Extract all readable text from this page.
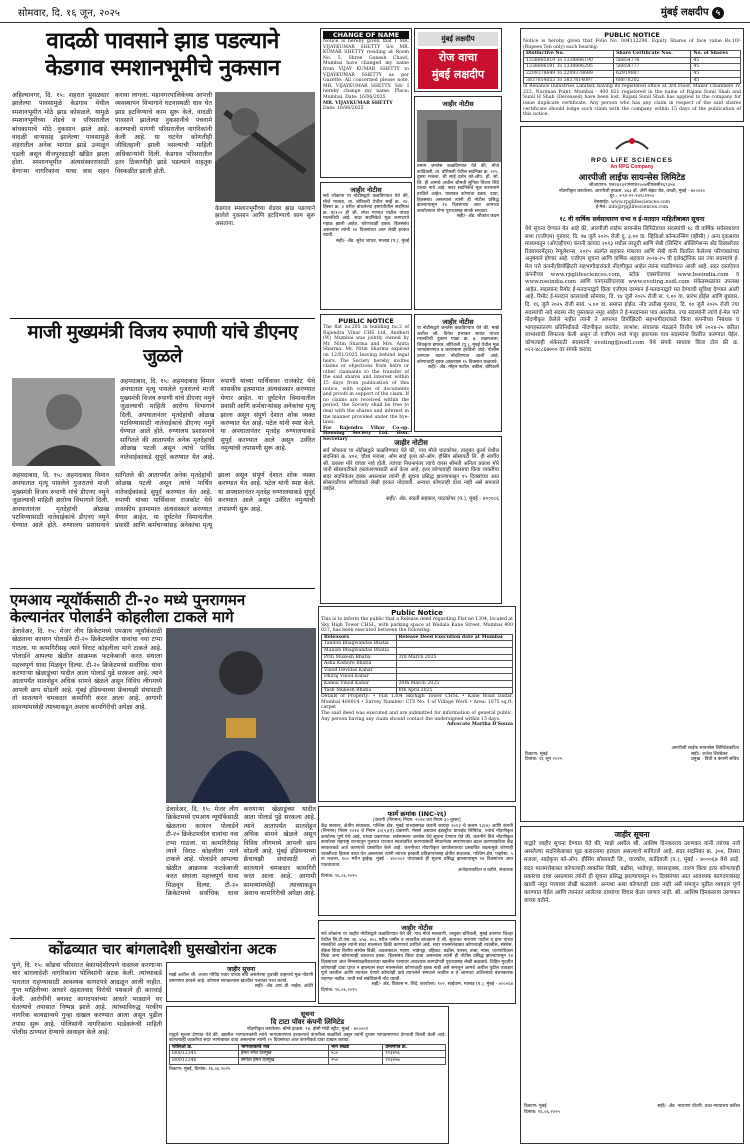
सोमवार, दि. १६ जून, २०२५	मुंबई लक्षदीप ५
वादळी पावसाने झाड पडल्याने
केडगाव स्मशानभूमीचे नुकसान
अहिल्यानगर, दि. १५: शहरात मुसळधार झालेल्या पावसामुळे केडगाव येथील स्मशानभूमीत मोठे झाड कोसळले. यामुळे स्मशानभूमीच्या शेडचे व परिसरातील बांधकामाचे मोठे नुकसान झाले आहे. वादळी वाऱ्यासह झालेल्या पावसामुळे शहरातील अनेक भागांत झाडे उन्मळून पडली असून वीजपुरवठाही खंडित झाला होता. स्मशानभूमीत अंत्यसंस्कारासाठी येणाऱ्या नागरिकांना याचा त्रास सहन करावा लागला. महानगरपालिकेच्या आपत्ती व्यवस्थापन विभागाने घटनास्थळी धाव घेत झाड हटविण्याचे काम सुरू केले. वादळी पावसाने झालेल्या नुकसानीचे पंचनामे करण्याची मागणी परिसरातील नागरिकांनी केली आहे. या घटनेत कोणतीही जीवितहानी झाली नसल्याची माहिती अधिकाऱ्यांनी दिली. केडगाव परिसरातील इतर ठिकाणीही झाडे पडल्याने वाहतूक विस्कळीत झाली होती.
केडगाव स्मशानभूमीच्या शेडवर झाड पडल्याने झालेले नुकसान आणि हटविण्याचे काम सुरू असताना.
माजी मुख्यमंत्री विजय रुपाणी यांचे डीएनए जुळले
अहमदाबाद, दि. १५: अहमदाबाद विमान अपघातात मृत्यू पावलेले गुजरातचे माजी मुख्यमंत्री विजय रुपाणी यांचे डीएनए नमुने जुळल्याची माहिती आरोग्य विभागाने दिली. अपघातानंतर मृतदेहांची ओळख पटविण्यासाठी नातेवाईकांचे डीएनए नमुने घेण्यात आले होते. रुग्णालय प्रशासनाने सांगितले की आतापर्यंत अनेक मृतदेहांची ओळख पटली असून त्यांचे पार्थिव नातेवाईकांकडे सुपूर्द करण्यात येत आहे. रुपाणी यांच्या पार्थिवावर राजकोट येथे शासकीय इतमामात अंत्यसंस्कार करण्यात येणार आहेत. या दुर्घटनेत विमानातील प्रवासी आणि कर्मचाऱ्यांसह अनेकांचा मृत्यू झाला असून संपूर्ण देशात शोक व्यक्त करण्यात येत आहे. पटेल यांनी स्पष्ट केले. या अपघातानंतर मृतदेह रुग्णालयाकडे सुपूर्द करण्यात आले असून उर्वरित नमुन्यांची तपासणी सुरू आहे.
अहमदाबाद, दि. १५: अहमदाबाद विमान अपघातात मृत्यू पावलेले गुजरातचे माजी मुख्यमंत्री विजय रुपाणी यांचे डीएनए नमुने जुळल्याची माहिती आरोग्य विभागाने दिली. अपघातानंतर मृतदेहांची ओळख पटविण्यासाठी नातेवाईकांचे डीएनए नमुने घेण्यात आले होते. रुग्णालय प्रशासनाने सांगितले की आतापर्यंत अनेक मृतदेहांची ओळख पटली असून त्यांचे पार्थिव नातेवाईकांकडे सुपूर्द करण्यात येत आहे. रुपाणी यांच्या पार्थिवावर राजकोट येथे शासकीय इतमामात अंत्यसंस्कार करण्यात येणार आहेत. या दुर्घटनेत विमानातील प्रवासी आणि कर्मचाऱ्यांसह अनेकांचा मृत्यू झाला असून संपूर्ण देशात शोक व्यक्त करण्यात येत आहे. पटेल यांनी स्पष्ट केले. या अपघातानंतर मृतदेह रुग्णालयाकडे सुपूर्द करण्यात आले असून उर्वरित नमुन्यांची तपासणी सुरू आहे.
एमआय न्यूयॉर्कसाठी टी-२० मध्ये पुनरागमन
केल्यानंतर पोलार्डने कोहलीला टाकले मागे
डेलावेअर, दि. १५: मेजर लीग क्रिकेटमध्ये एमआय न्यूयॉर्कसाठी खेळताना कायरन पोलार्डने टी-२० क्रिकेटमधील धावांचा नवा टप्पा गाठला. या कामगिरीसह त्याने विराट कोहलीला मागे टाकले आहे. पोलार्डने आपल्या खेळीत आक्रमक फटकेबाजी करत संघाला महत्त्वपूर्ण धावा मिळवून दिल्या. टी-२० क्रिकेटमध्ये सर्वाधिक धावा करणाऱ्या खेळाडूंच्या यादीत आता पोलार्ड पुढे सरकला आहे. त्याने आतापर्यंत सातशेहून अधिक सामने खेळले असून विविध लीगमध्ये आपली छाप सोडली आहे. मुंबई इंडियन्सच्या फ्रँचायझी संघांसाठी तो सातत्याने चमकदार कामगिरी करत आला आहे. आगामी सामन्यांमध्येही त्याच्याकडून अशाच कामगिरीची अपेक्षा आहे.
डेलावेअर, दि. १५: मेजर लीग क्रिकेटमध्ये एमआय न्यूयॉर्कसाठी खेळताना कायरन पोलार्डने टी-२० क्रिकेटमधील धावांचा नवा टप्पा गाठला. या कामगिरीसह त्याने विराट कोहलीला मागे टाकले आहे. पोलार्डने आपल्या खेळीत आक्रमक फटकेबाजी करत संघाला महत्त्वपूर्ण धावा मिळवून दिल्या. टी-२० क्रिकेटमध्ये सर्वाधिक धावा करणाऱ्या खेळाडूंच्या यादीत आता पोलार्ड पुढे सरकला आहे. त्याने आतापर्यंत सातशेहून अधिक सामने खेळले असून विविध लीगमध्ये आपली छाप सोडली आहे. मुंबई इंडियन्सच्या फ्रँचायझी संघांसाठी तो सातत्याने चमकदार कामगिरी करत आला आहे. आगामी सामन्यांमध्येही त्याच्याकडून अशाच कामगिरीची अपेक्षा आहे.
कोंढव्यात चार बांगलादेशी घुसखोरांना अटक
पुणे, दि. १५: कोंढवा परिसरात बेकायदेशीरपणे वास्तव्य करणाऱ्या चार बांगलादेशी नागरिकांना पोलिसांनी अटक केली. त्यांच्याकडे भारतात राहण्यासाठी आवश्यक कागदपत्रे आढळून आली नाहीत. गुप्त माहितीच्या आधारे दहशतवाद विरोधी पथकाने ही कारवाई केली. आरोपींनी बनावट कागदपत्रांच्या आधारे भाड्याने घर घेतल्याचे तपासात निष्पन्न झाले आहे. त्यांच्याविरुद्ध परकीय नागरिक कायद्यान्वये गुन्हा दाखल करण्यात आला असून पुढील तपास सुरू आहे. पोलिसांनी नागरिकांना भाडेकरूंची माहिती पोलीस ठाण्यात देण्याचे आवाहन केले आहे.
जाहीर सूचना
माझे अशील श्री. अजय गोविंद पवार यांच्या नावे असलेल्या दुचाकी वाहनाचे मूळ नोंदणी प्रमाणपत्र हरवले आहे. कोणास सापडल्यास खालील पत्त्यावर परत करावे.
सही/- ॲड. आर. डी. नाईक, अंधेरी
सूचना
दि टाटा पॉवर कंपनी लिमिटेड
नोंदणीकृत कार्यालय: बॉम्बे हाऊस, २४, होमी मोदी स्ट्रीट, मुंबई - ४००००१
याद्वारे सूचना देण्यात येते की, खालील भागधारकांनी त्यांचे भागप्रमाणपत्र हरवल्याचे कंपनीला कळविले असून त्यांनी दुय्यम भागप्रमाणपत्र देण्याची विनंती केली आहे. कोणत्याही व्यक्तीचा सदर भागांबाबत दावा असल्यास त्यांनी १५ दिवसांच्या आत कंपनीकडे दावा दाखल करावा.
फोलिओ क्र.	भागधारकाचे नाव	भाग संख्या	प्रमाणपत्र क्र.
H0012345	हेमंत रमेश देशमुख	५००	१२३४५६
H0012346	संगीता हेमंत देशमुख	२५०	१२३४५७
ठिकाण: मुंबई, दिनांक: १६.०६.२०२५
CHANGE OF NAME
Notice is hereby given that I MR. VIJAYKUMAR SHETTY S/o MR. KUMAR SHETTY residing at Room No. 5, Shree Ganesh Chawl, Mumbai have changed my name from VIJAY KUMAR SHETTY to VIJAYKUMAR SHETTY as per Gazette. All concerned please note. MR. VIJAYKUMAR SHETTY. Sd/- I hereby change my name. Place: Mumbai. Date: 16/06/2025
MR. VIJAYKUMAR SHETTY
Date: 16/06/2025
मुंबई लक्षदीप
रोज वाचा
मुंबई लक्षदीप
जाहीर नोटीस
सर्व लोकांना या नोटीसद्वारे कळविण्यात येते की, मौजे मालाड, ता. बोरिवली येथील सर्व्हे क्र. २४, हिस्सा क्र. ३ वरील बांधलेल्या इमारतीतील सदनिका क्र. ब/१०२ ही श्री. रमेश गणपत पाटील यांच्या मालकीची आहे. सदर सदनिकेचे मूळ कागदपत्रे गहाळ झाली आहेत. कोणाचाही हक्क, हितसंबंध असल्यास त्यांनी १४ दिवसांच्या आत लेखी हरकत घ्यावी.
सही/- ॲड. सुरेश जाधव, मालाड (प.), मुंबई
जाहीर नोटीस
तमाम जनतेस कळविण्यात येते की, मौजे कांदिवली, ता. बोरिवली येथील सदनिका क्र. २०५, दुसरा मजला, श्री साई दर्शन को-ऑप. हौ. सो. लि. ही आमचे अशील श्रीमती सुनिता विजय शिंदे यांच्या नावे आहे. सदर सदनिकेचे मूळ करारनामे हरविले आहेत. याबाबत कोणाचा हक्क, दावा, हितसंबंध असल्यास त्यांनी ही नोटीस प्रसिद्ध झाल्यापासून १४ दिवसांच्या आत आमच्या कार्यालयात योग्य पुराव्यासह संपर्क साधावा.
सही/- ॲड. श्रीकांत कदम
PUBLIC NOTICE
The flat no.205 in building no.2 of Rajendra Vihar CHS Ltd, Andheri (W) Mumbai was jointly owned by Mr. Nitin Sharma and Mrs. Anita Sharma. Mr. Nitin Sharma expired on 12/01/2025 leaving behind legal heirs. The Society hereby invites claims or objections from heirs or other claimants to the transfer of the said shares and interest within 15 days from publication of this notice, with copies of documents and proofs in support of the claim. If no claims are received within the period, the Society shall be free to deal with the shares and interest in the manner provided under the bye-laws.
For Rajendra Vihar Co-op. Housing Society Ltd. Hon. Secretary
जाहीर नोटीस
या नोटीसद्वारे जनतेस कळविण्यात येते की, माझे अशील श्री. दिनेश प्रभाकर सावंत यांच्या मालकीची दुकान गाळा क्र. ७, तळमजला, शिवकृपा इमारत, बोरिवली (पू.), मुंबई येथील मूळ भागप्रमाणपत्र व करारनामा हरविला आहे. पोलीस ठाण्यात तक्रार नोंदविण्यात आली आहे. कोणाचाही हक्क असल्यास १५ दिवसांत कळवावे.
सही/- ॲड. मोहन पाटील, वकील, बोरिवली
जाहीर नोटीस
सर्व लोकांना या नोटीसद्वारे कळविण्यात येते की, गाव मौजे घाटकोपर, तालुका कुर्ला येथील सदनिका क्र. ४०२, चौथा मजला, ओम साई कृपा को-ऑप. हौसिंग सोसायटी लि. ही स्वर्गीय श्री. प्रकाश मोरे यांच्या नावे होती. त्यांच्या निधनानंतर त्यांचे वारस श्रीमती अनिता प्रकाश मोरे यांनी सोसायटीकडे हस्तांतरणासाठी अर्ज केला आहे. इतर कोणत्याही वारसाचा किंवा व्यक्तीचा सदर सदनिकेवर हक्क असल्यास त्यांनी ही सूचना प्रसिद्ध झाल्यापासून १५ दिवसांच्या आत सोसायटीच्या सचिवांकडे लेखी हरकत नोंदवावी. अन्यथा कोणताही दावा नाही असे समजले जाईल.
सही/- ॲड. स्वाती सहकार, घाटकोपर (प.), मुंबई - ४०००८६
Public Notice
This is to inform the public that a Release deed regarding Flat no 1304, located at Sky High Tower CHSL, with parking space at Wadala Kane Street, Mumbai 400 037, has been executed between the following:
Releasors	Release Deed Execution date at Mumbai
Tandon Bhagwandas Bhatia	
Manish Bhagwandas Bhatia	
Priti Mukesh Bhatia	3rd March 2025
Asha Kishore Bhatia	
Vinod Devidas Kahar	
Dhiraj Vinod Kahar	
Kamal Vinod Kahar	30th March 2025
Yash Mukesh Bhatia	6th April 2025
Details of Property: • Flat 1304 Skyhigh Tower CHSL • Kane Road Dadar, Mumbai 400014 • Survey Number: CTS No. 1 of Village Worli • Area: 1075 sq.ft. carpet
The said deed was executed and are submitted for information of general public. Any person having any claim should contact the undersigned within 15 days.
Advocate Martha D'Souza
फार्म क्रमांक (INC-२६)
[कंपनी (निगमन) नियम, २०१४ च्या नियम ३० नुसार]
केंद्र सरकार, क्षेत्रीय संचालक, पश्चिम क्षेत्र, मुंबई यांच्यासमक्ष कंपनी कायदा २०१३ चे कलम १३(४) आणि कंपनी (निगमन) नियम २०१४ चे नियम ३०(५)(ए) प्रकरणी. मेसर्स अग्रवाल इंडस्ट्रीज प्रायव्हेट लिमिटेड, ज्यांचे नोंदणीकृत कार्यालय पुणे येथे आहे, यांच्या प्रकरणात. सर्वसामान्य जनतेस येथे सूचना देण्यात येते की, कंपनीने तिचे नोंदणीकृत कार्यालय महाराष्ट्र राज्यातून गुजरात राज्यात स्थलांतरित करण्यासाठी संघटनेच्या स्मरणपत्रात बदल करण्याकरिता केंद्र सरकारकडे अर्ज करण्याचे प्रस्तावित केले आहे. कंपनीच्या नोंदणीकृत कार्यालयाच्या प्रस्तावित बदलामुळे कोणाही व्यक्तीच्या हितास बाधा येत असल्यास त्यांनी त्यांच्या हरकती प्रतिज्ञापत्रासह क्षेत्रीय संचालक, पश्चिम क्षेत्र, एव्हरेस्ट, ५ वा मजला, १०० मरीन ड्राईव्ह, मुंबई - ४००००२ यांच्याकडे ही सूचना प्रसिद्ध झाल्यापासून १४ दिवसांच्या आत पाठवाव्यात.
अर्जदाराकरिता व वतीने, संचालक
दिनांक: १६.०६.२०२५
जाहीर नोटीस
सर्व लोकांना या जाहीर नोटीसद्वारे कळविण्यात येते की, गाव मौजे मालवणी, तालुका बोरिवली, मुंबई उपनगर जिल्हा येथील सि.टी.एस. क्र. ४५७, ४५८ वरील जमीन व त्यावरील बांधकाम हे श्री. सुधाकर नारायण पाटील व इतर यांच्या मालकीचे असून त्यांनी सदर मालमत्ता विक्री करण्याचे ठरविले आहे. सदर मालमत्तेबाबत कोणत्याही व्यक्तीस, संस्थेस, बँकेस किंवा वित्तीय संस्थेस विक्री, अदलाबदल, गहाण, भाडेपट्टा, वहिवाट, बक्षीस, वारसा, ताबा, न्यास, धारणाधिकार किंवा अन्य कोणत्याही प्रकारचा हक्क, हितसंबंध किंवा दावा असल्यास त्यांनी ही नोटीस प्रसिद्ध झाल्यापासून १४ दिवसांच्या आत निम्नस्वाक्षरीकारांच्या खालील पत्त्यावर आवश्यक कागदोपत्री पुराव्यासह लेखी कळवावे. विहित मुदतीत कोणताही दावा प्राप्त न झाल्यास सदर मालमत्तेवर कोणाचाही हक्क नाही असे समजून आमचे अशील पुढील व्यवहार पूर्ण करतील आणि त्यानंतर येणारे कोणतेही दावे त्यागलेले समजले जातील व ते आमच्या अशिलांवर बंधनकारक राहणार नाहीत. याची सर्व संबंधितांनी नोंद घ्यावी.
सही/- ॲड. विकास म. शिंदे, कार्यालय: १०२, साईधाम, मालाड (प.), मुंबई - ४०००६४
दिनांक: १६.०६.२०२५
PUBLIC NOTICE
Notice is hereby given that Folio No. 004112298, Equity Shares of face value Rs.10/- (Rupees Ten only) each bearing:
Distinctive No.	Share Certificate Nos.	No. of Shares
1338805819 To 1338806190	56854776	45
1338806191 To 1338806295	56854777	45
2209378649 To 2209378689	62919887	45
3837814053 To 3837814097	68878202	45
of Reliance Industries Limited, having its registered office at 3rd Floor, Maker Chambers IV, 222, Nariman Point, Mumbai - 400 021 registered in the name of Rajani Sunil Shah and Sunil H Shah (Deceased) have been lost. Rajani Sunil Shah has applied to the company for issue duplicate certificate. Any person who has any claim in respect of the said shares certificate should lodge such claim with the company within 15 days of the publication of this notice.
RPG LIFE SCIENCES
An RPG Company
आरपीजी लाईफ सायन्सेस लिमिटेड
सीआयएन: एल२४२३२एमएच२००७पीएलसी१६९३५४
नोंदणीकृत कार्यालय: आरपीजी हाऊस, ४६३ डॉ. ॲनी बेझंट रोड, वरळी, मुंबई - ४०००३०
दूर.: +९१-२२-२४९८११५०
वेबसाईट: www.rpglifesciences.com
ई-मेल: info@rpglifesciences.com
१८ वी वार्षिक सर्वसाधारण सभा व ई-मतदान माहितीबाबत सूचना
येथे सूचना देण्यात येत आहे की, आरपीजी लाईफ सायन्सेस लिमिटेडच्या सदस्यांची १८ वी वार्षिक सर्वसाधारण सभा (एजीएम) गुरुवार, दि. १७ जुलै २०२५ रोजी दु. ३.०० वा. व्हिडिओ कॉन्फरन्सिंग (व्हीसी) / अन्य दृकश्राव्य माध्यमातून (ओएव्हीएम) कंपनी कायदा २०१३ मधील तरतुदी आणि सेबी (लिस्टिंग ऑब्लिगेशन्स अँड डिस्क्लोजर रिक्वायरमेंट्स) रेग्युलेशन्स, २०१५ अंतर्गत सहकार मंत्रालय आणि सेबी यांनी वितरित केलेल्या परिपत्रकांच्या अनुषंगाने होणार आहे. एजीएम सूचना आणि वार्षिक अहवाल २०२४-२५ ची इलेक्ट्रॉनिक प्रत ज्या सदस्यांचे ई-मेल पत्ते कंपनी/डिपॉझिटरी सहभागीदारांकडे नोंदणीकृत आहेत त्यांना पाठविण्यात आली आहे. सदर दस्तऐवज कंपनीच्या www.rpglifesciences.com, स्टॉक एक्सचेंजच्या www.bseindia.com व www.nseindia.com आणि एनएसडीएलच्या www.evoting.nsdl.com संकेतस्थळावर उपलब्ध आहेत. सदस्यांना रिमोट ई-मतदानाद्वारे किंवा एजीएम दरम्यान ई-मतदानाद्वारे मत देण्याची सुविधा देण्यात आली आहे. रिमोट ई-मतदान कालावधी सोमवार, दि. १४ जुलै २०२५ रोजी स. ९.०० वा. प्रारंभ होईल आणि बुधवार, दि. १६ जुलै २०२५ रोजी सायं. ५.०० वा. समाप्त होईल. नोंद तारीख गुरुवार, दि. १० जुलै २०२५ रोजी ज्या सदस्यांची नावे सदस्य नोंद पुस्तकात नमूद आहेत ते ई-मतदानास पात्र असतील. ज्या सदस्यांनी त्यांचे ई-मेल पत्ते नोंदणीकृत केलेले नाहीत त्यांनी ते आपल्या डिपॉझिटरी सहभागीदारांकडे किंवा कंपनीच्या निबंधक व भागहस्तांतरण प्रतिनिधीकडे नोंदणीकृत करावेत. लाभांश: संचालक मंडळाने वित्तीय वर्ष २०२४-२५ करिता लाभांशाची शिफारस केली असून तो एजीएम मध्ये मंजूर झाल्यास पात्र सदस्यांना वितरित करण्यात येईल. कोणत्याही शंकेसाठी सदस्यांनी evoting@nsdl.com येथे संपर्क साधावा किंवा टोल फ्री क्र. ०२२-४८८६७००० वर संपर्क करावा.
आरपीजी लाईफ सायन्सेस लिमिटेडकरिता
ठिकाण: मुंबई
दिनांक: १६ जून २०२५
सही/- राजेश शिरंबेकर
प्रमुख - विधी व कंपनी सचिव
जाहीर सूचना
याद्वारे जाहीर सूचना देण्यात येते की, माझे अशील श्री. आशिष दिनकरराव उरुणकर यांनी त्यांच्या नावे असलेल्या सदनिकेबाबत मूळ करारनामा हरवला असल्याचे सांगितले आहे. सदर सदनिका क्र. ३०४, तिसरा मजला, साईकृपा को-ऑप. हौसिंग सोसायटी लि., चारकोप, कांदिवली (प.), मुंबई - ४०००६७ येथे आहे. सदर मालमत्तेबाबत कोणत्याही व्यक्तीस विक्री, बक्षीस, भाडेपट्टा, वारसाहक्क, तारण किंवा इतर कोणत्याही प्रकारचा दावा असल्यास त्यांनी ही सूचना प्रसिद्ध झाल्यापासून १५ दिवसांच्या आत आवश्यक कागदपत्रांसह खाली नमूद पत्त्यावर लेखी कळवावे. अन्यथा असा कोणताही दावा नाही असे समजून पुढील व्यवहार पूर्ण करण्यात येईल आणि त्यानंतर आलेल्या दाव्यांचा विचार केला जाणार नाही. श्री. आशिष दिनकरराव उरुणकर यांच्या वतीने.
ठिकाण: मुंबई
दिनांक: १६.०६.२०२५
सही/- ॲड. नारायण चौधरी, उच्च न्यायालय वकील
